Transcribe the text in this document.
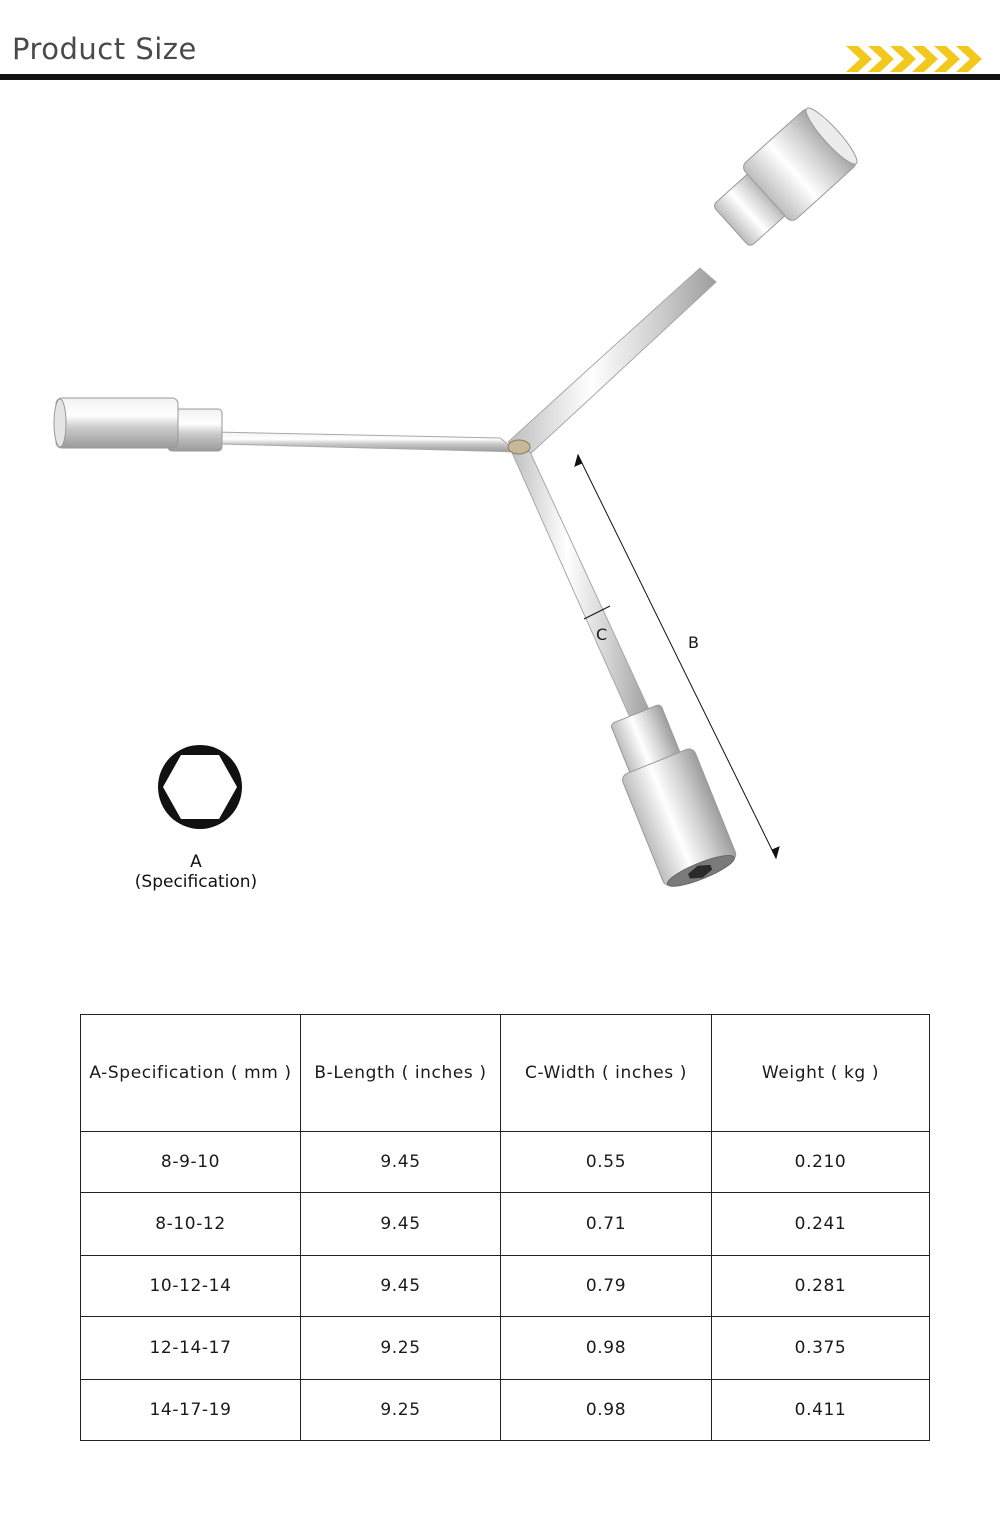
Product Size
A
(Specification)
C	B
A-Specification ( mm )	B-Length ( inches )	C-Width ( inches )	Weight ( kg )
8-9-10	9.45	0.55	0.210
8-10-12	9.45	0.71	0.241
10-12-14	9.45	0.79	0.281
12-14-17	9.25	0.98	0.375
14-17-19	9.25	0.98	0.411
